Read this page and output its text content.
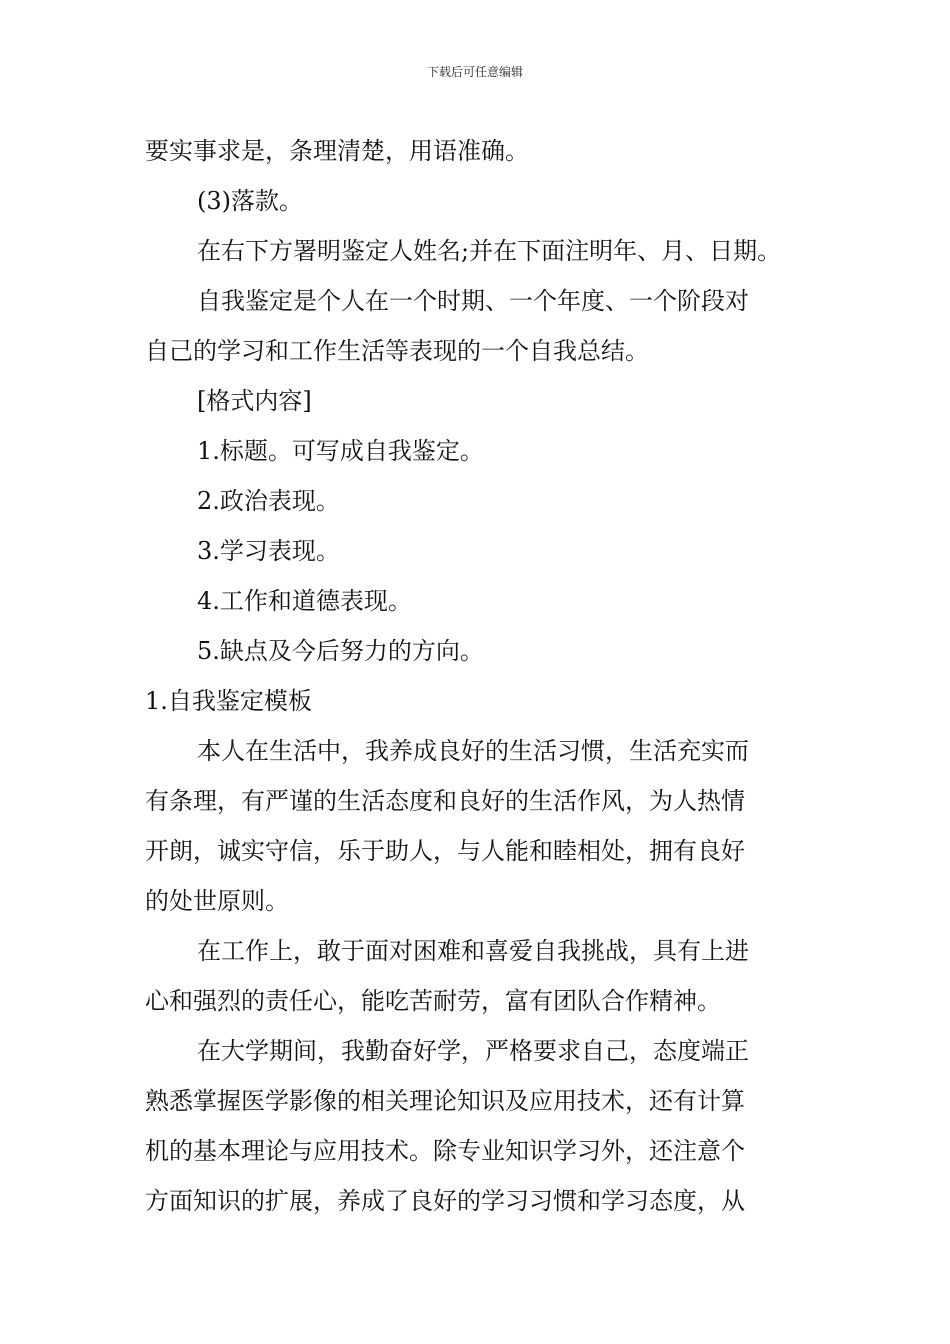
下载后可任意编辑
要实事求是，条理清楚，用语准确。
(3)落款。
在右下方署明鉴定人姓名;并在下面注明年、月、日期。
自我鉴定是个人在一个时期、一个年度、一个阶段对
自己的学习和工作生活等表现的一个自我总结。
[格式内容]
1.标题。可写成自我鉴定。
2.政治表现。
3.学习表现。
4.工作和道德表现。
5.缺点及今后努力的方向。
1.自我鉴定模板
本人在生活中，我养成良好的生活习惯，生活充实而
有条理，有严谨的生活态度和良好的生活作风，为人热情
开朗，诚实守信，乐于助人，与人能和睦相处，拥有良好
的处世原则。
在工作上，敢于面对困难和喜爱自我挑战，具有上进
心和强烈的责任心，能吃苦耐劳，富有团队合作精神。
在大学期间，我勤奋好学，严格要求自己，态度端正
熟悉掌握医学影像的相关理论知识及应用技术，还有计算
机的基本理论与应用技术。除专业知识学习外，还注意个
方面知识的扩展，养成了良好的学习习惯和学习态度，从
